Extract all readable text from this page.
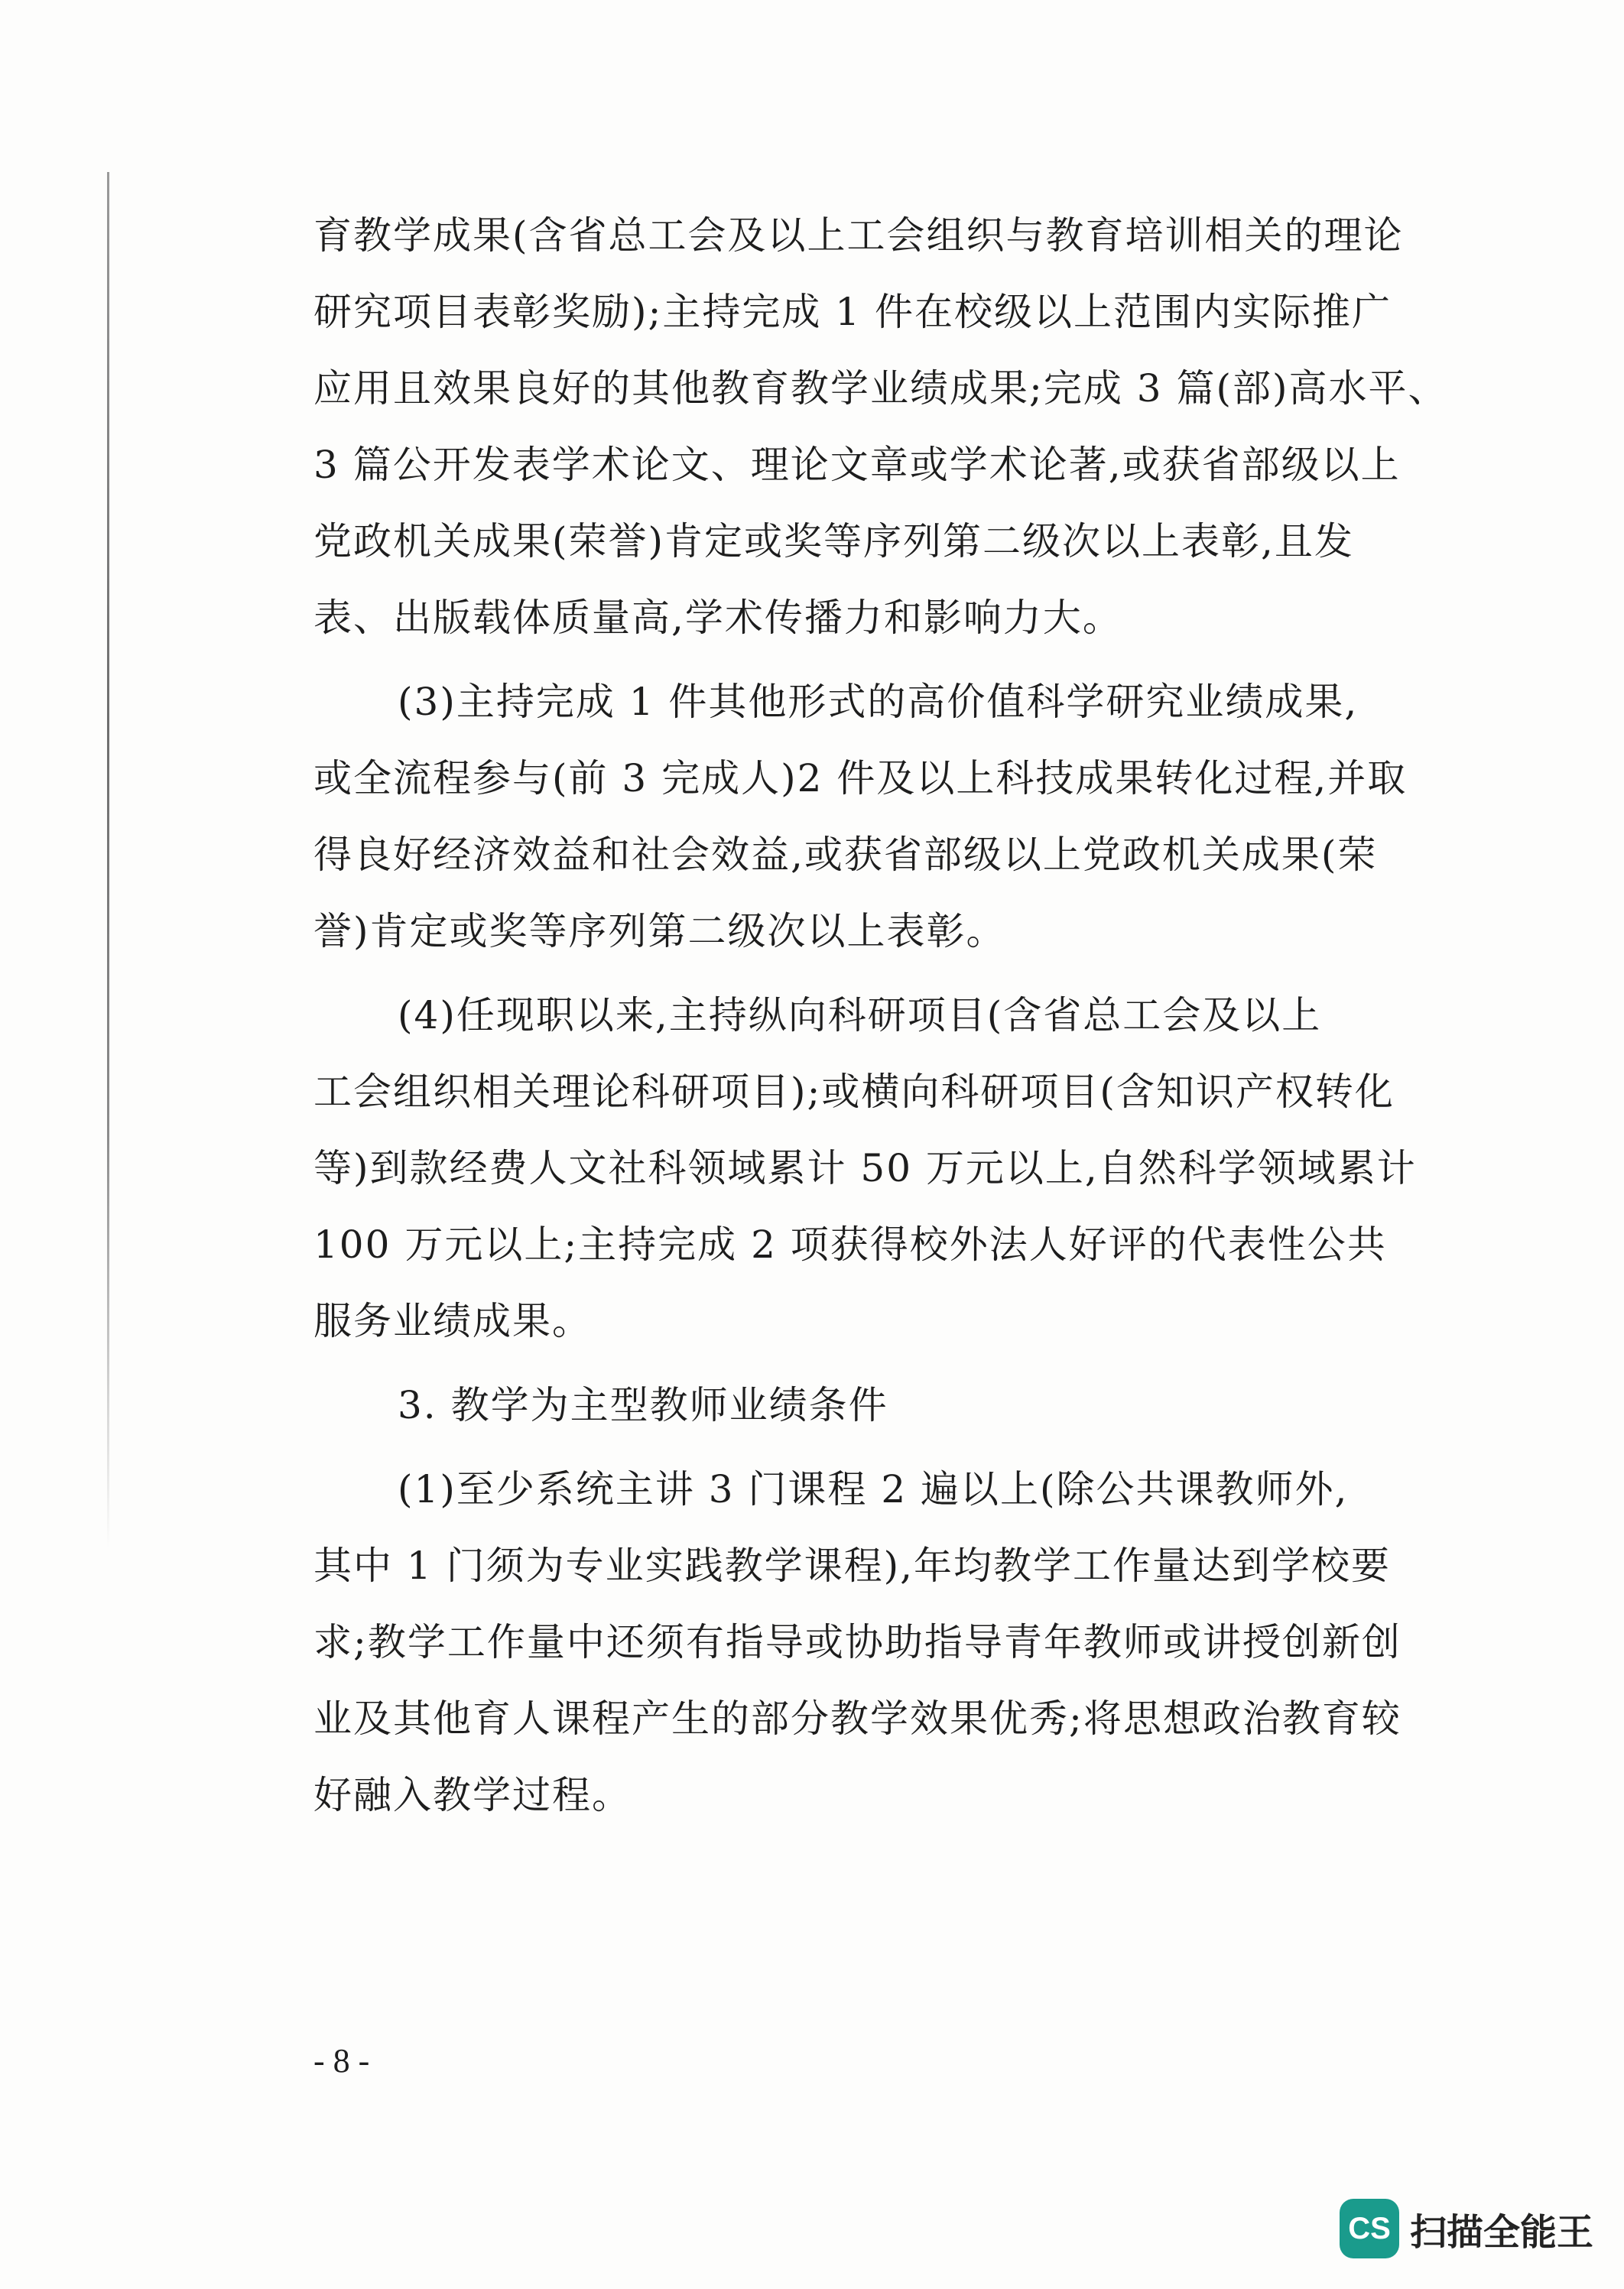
育教学成果(含省总工会及以上工会组织与教育培训相关的理论
研究项目表彰奖励);主持完成 1 件在校级以上范围内实际推广
应用且效果良好的其他教育教学业绩成果;完成 3 篇(部)高水平、
3 篇公开发表学术论文、理论文章或学术论著,或获省部级以上
党政机关成果(荣誉)肯定或奖等序列第二级次以上表彰,且发
表、出版载体质量高,学术传播力和影响力大。

(3)主持完成 1 件其他形式的高价值科学研究业绩成果,
或全流程参与(前 3 完成人)2 件及以上科技成果转化过程,并取
得良好经济效益和社会效益,或获省部级以上党政机关成果(荣
誉)肯定或奖等序列第二级次以上表彰。

(4)任现职以来,主持纵向科研项目(含省总工会及以上
工会组织相关理论科研项目);或横向科研项目(含知识产权转化
等)到款经费人文社科领域累计 50 万元以上,自然科学领域累计
100 万元以上;主持完成 2 项获得校外法人好评的代表性公共
服务业绩成果。

3. 教学为主型教师业绩条件

(1)至少系统主讲 3 门课程 2 遍以上(除公共课教师外,
其中 1 门须为专业实践教学课程),年均教学工作量达到学校要
求;教学工作量中还须有指导或协助指导青年教师或讲授创新创
业及其他育人课程产生的部分教学效果优秀;将思想政治教育较
好融入教学过程。

- 8 -
CS 扫描全能王
